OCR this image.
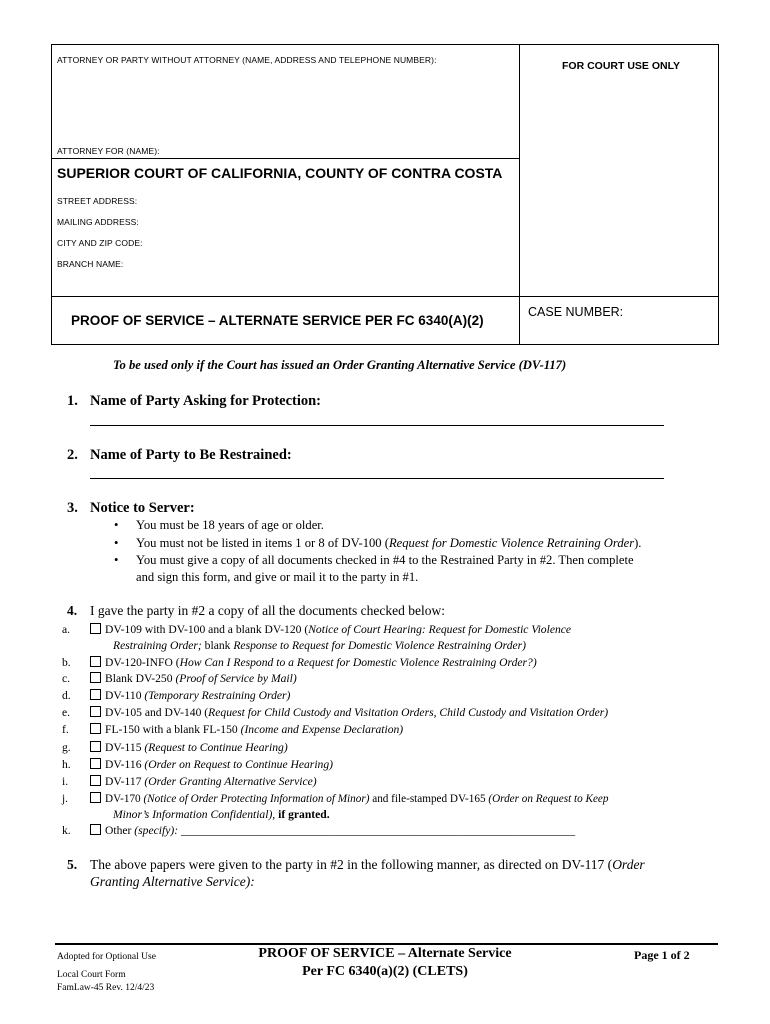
ATTORNEY OR PARTY WITHOUT ATTORNEY (NAME, ADDRESS AND TELEPHONE NUMBER):	FOR COURT USE ONLY
ATTORNEY FOR (NAME):
SUPERIOR COURT OF CALIFORNIA, COUNTY OF CONTRA COSTA
STREET ADDRESS:
MAILING ADDRESS:
CITY AND ZIP CODE:
BRANCH NAME:
PROOF OF SERVICE – ALTERNATE SERVICE PER FC 6340(A)(2)
CASE NUMBER:
To be used only if the Court has issued an Order Granting Alternative Service (DV-117)
1. Name of Party Asking for Protection:
2. Name of Party to Be Restrained:
3. Notice to Server:
• You must be 18 years of age or older.
• You must not be listed in items 1 or 8 of DV-100 (Request for Domestic Violence Retraining Order).
• You must give a copy of all documents checked in #4 to the Restrained Party in #2. Then complete
and sign this form, and give or mail it to the party in #1.
4. I gave the party in #2 a copy of all the documents checked below:
a.	DV-109 with DV-100 and a blank DV-120 (Notice of Court Hearing: Request for Domestic Violence
Restraining Order; blank Response to Request for Domestic Violence Restraining Order)
b.	DV-120-INFO (How Can I Respond to a Request for Domestic Violence Restraining Order?)
c.	Blank DV-250 (Proof of Service by Mail)
d.	DV-110 (Temporary Restraining Order)
e.	DV-105 and DV-140 (Request for Child Custody and Visitation Orders, Child Custody and Visitation Order)
f.	FL-150 with a blank FL-150 (Income and Expense Declaration)
g.	DV-115 (Request to Continue Hearing)
h.	DV-116 (Order on Request to Continue Hearing)
i.	DV-117 (Order Granting Alternative Service)
j.	DV-170 (Notice of Order Protecting Information of Minor) and file-stamped DV-165 (Order on Request to Keep
Minor’s Information Confidential), if granted.
k.	Other (specify): ____________________________________________________________________
5. The above papers were given to the party in #2 in the following manner, as directed on DV-117 (Order
Granting Alternative Service):
Adopted for Optional Use
Local Court Form
FamLaw-45 Rev. 12/4/23
PROOF OF SERVICE – Alternate Service
Per FC 6340(a)(2) (CLETS)
Page 1 of 2
